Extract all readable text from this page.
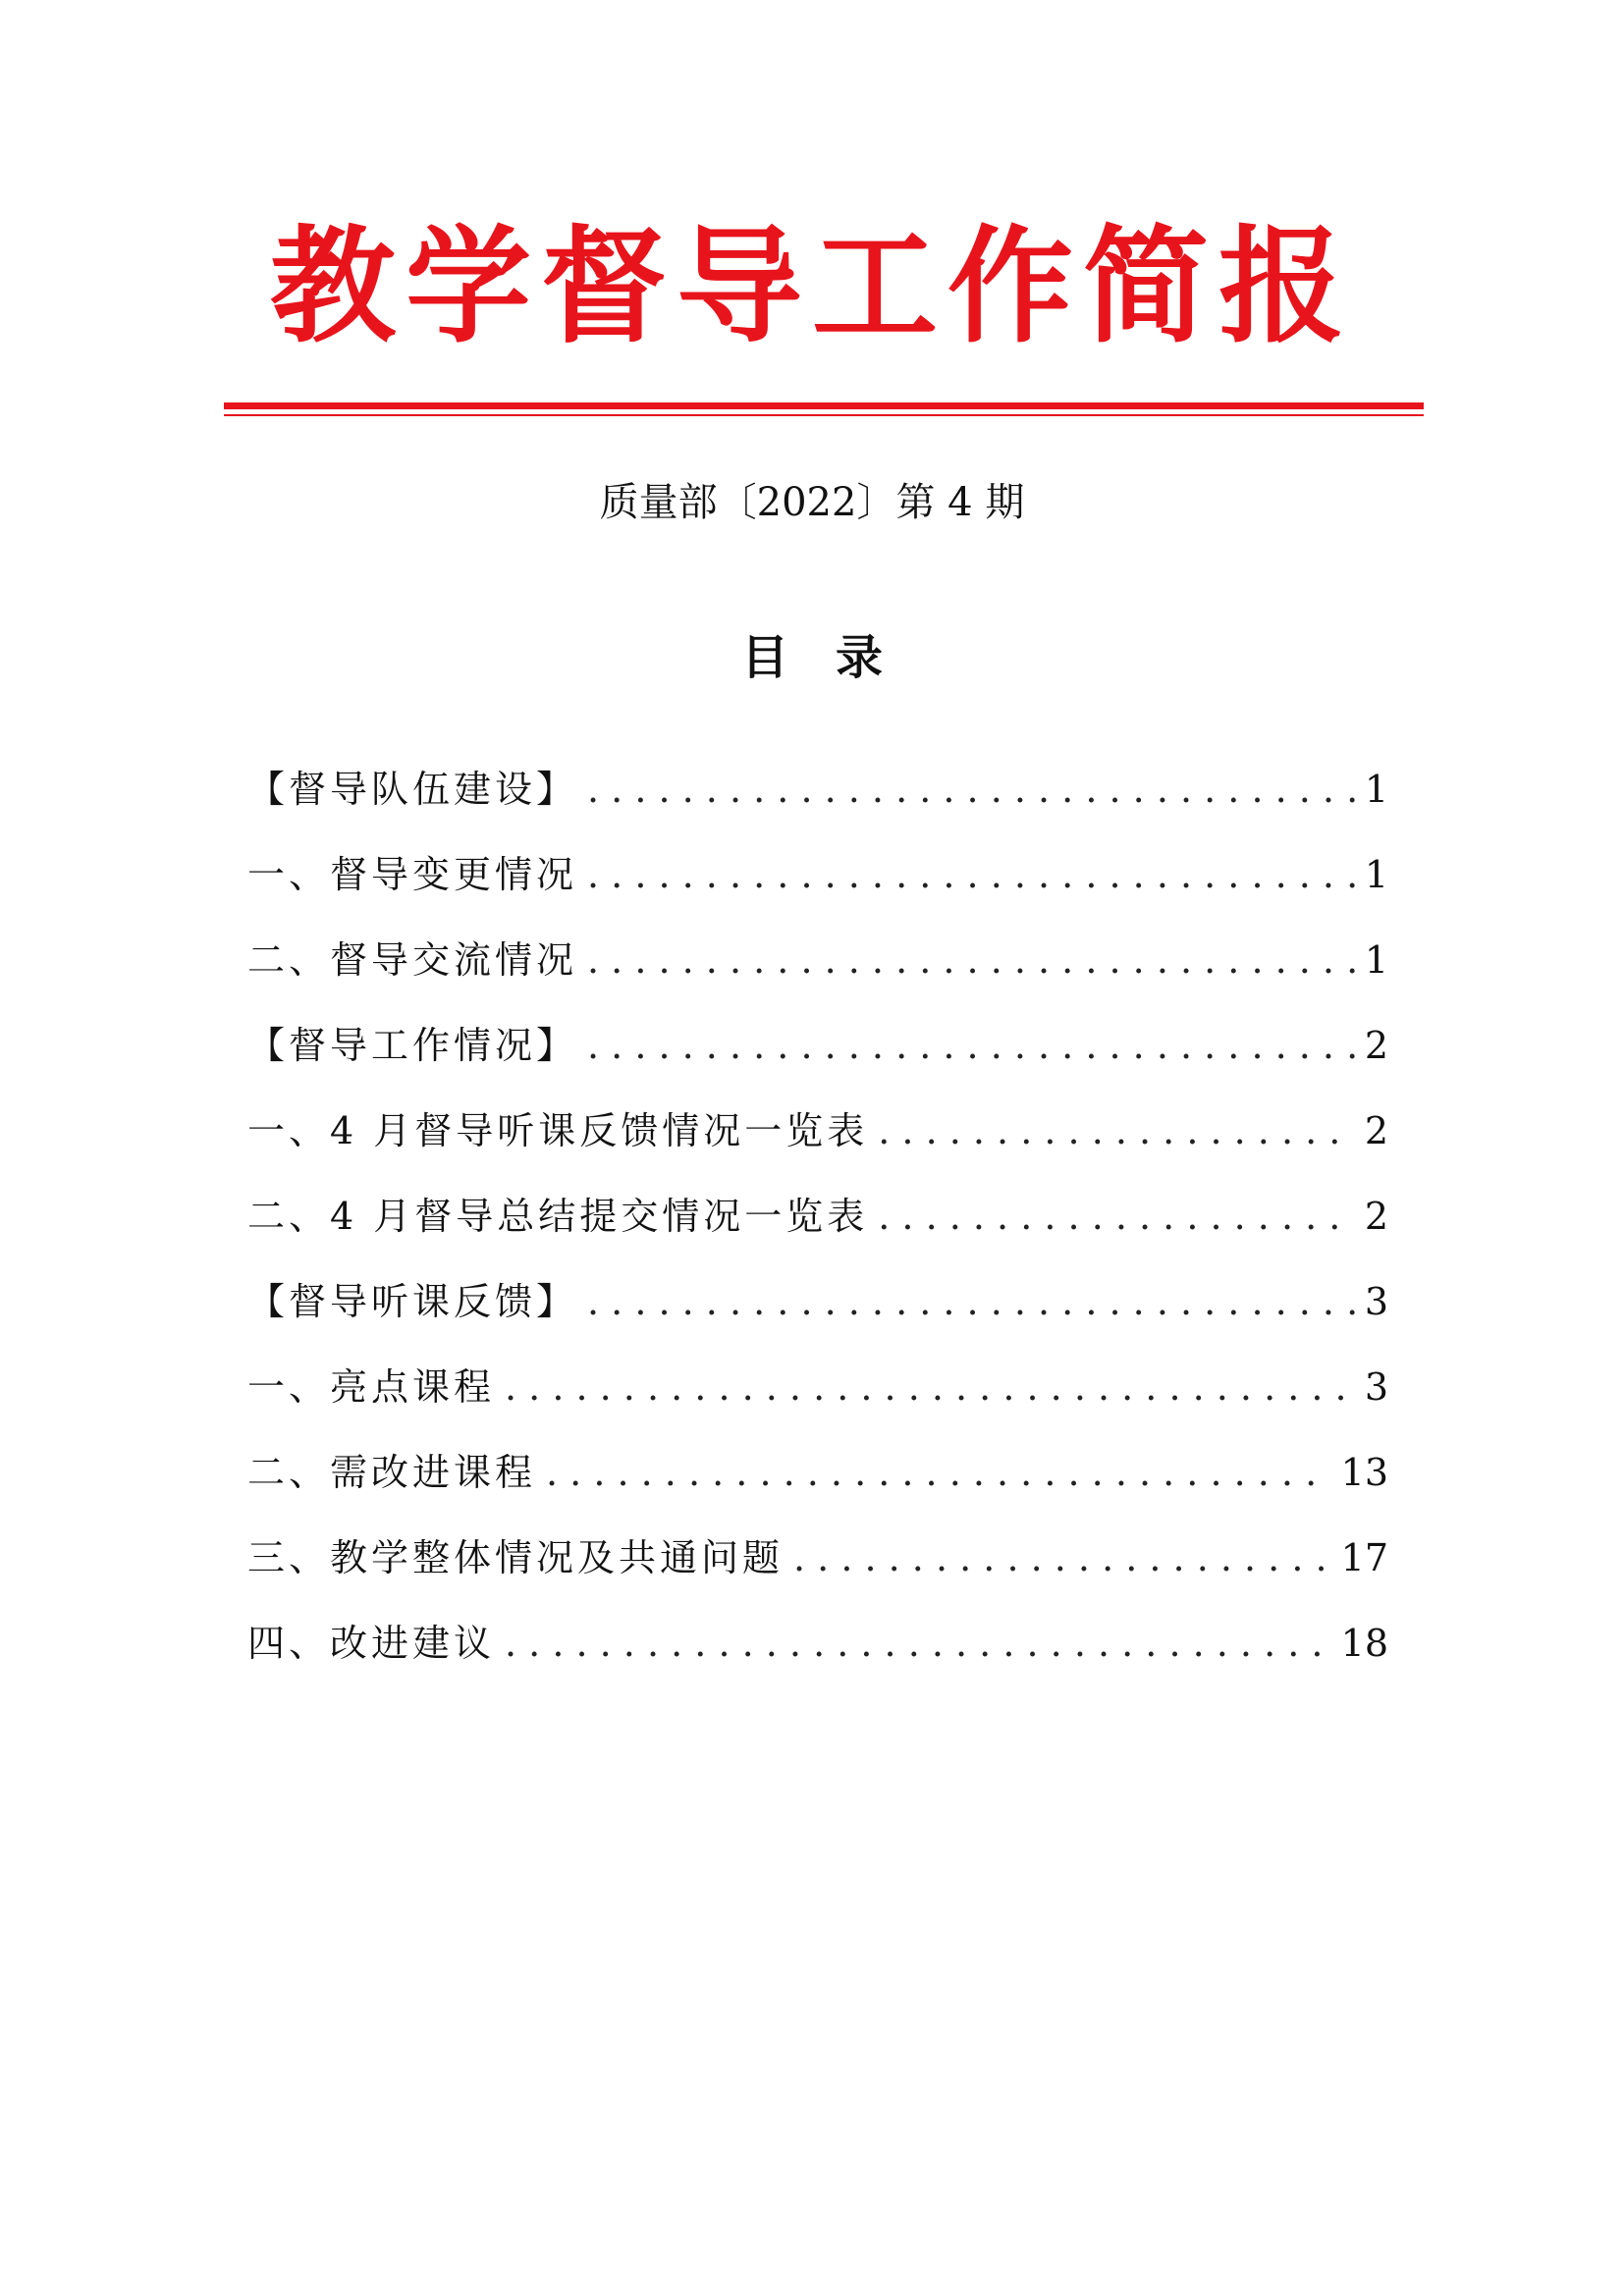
教学督导工作简报
质量部〔2022〕第 4 期
目录
【督导队伍建设】 . . .	1
一、督导变更情况 . . .	1
二、督导交流情况 . . .	1
【督导工作情况】 . . .	2
一、4 月督导听课反馈情况一览表 . . .	2
二、4 月督导总结提交情况一览表 . . .	2
【督导听课反馈】 . . .	3
一、亮点课程 . . .	3
二、需改进课程 . . .	13
三、教学整体情况及共通问题 . . .	17
四、改进建议 . . .	18
